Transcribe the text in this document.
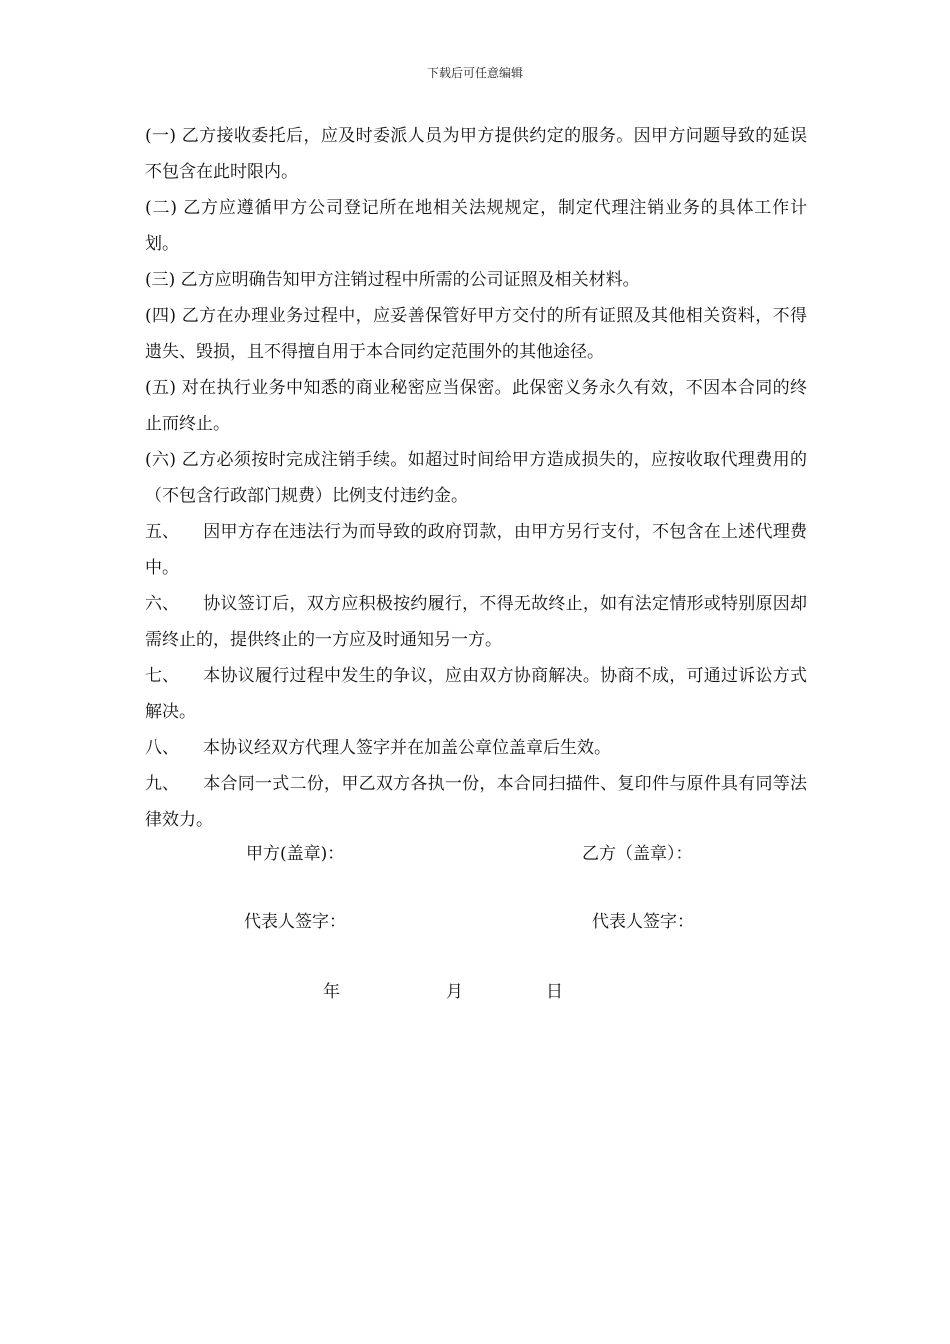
下载后可任意编辑

(一) 乙方接收委托后，应及时委派人员为甲方提供约定的服务。因甲方问题导致的延误不包含在此时限内。

(二) 乙方应遵循甲方公司登记所在地相关法规规定，制定代理注销业务的具体工作计划。

(三) 乙方应明确告知甲方注销过程中所需的公司证照及相关材料。

(四) 乙方在办理业务过程中，应妥善保管好甲方交付的所有证照及其他相关资料，不得遗失、毁损，且不得擅自用于本合同约定范围外的其他途径。

(五) 对在执行业务中知悉的商业秘密应当保密。此保密义务永久有效，不因本合同的终止而终止。

(六) 乙方必须按时完成注销手续。如超过时间给甲方造成损失的，应按收取代理费用的（不包含行政部门规费）比例支付违约金。

五、 因甲方存在违法行为而导致的政府罚款，由甲方另行支付，不包含在上述代理费中。

六、 协议签订后，双方应积极按约履行，不得无故终止，如有法定情形或特别原因却需终止的，提供终止的一方应及时通知另一方。

七、 本协议履行过程中发生的争议，应由双方协商解决。协商不成，可通过诉讼方式解决。

八、 本协议经双方代理人签字并在加盖公章位盖章后生效。

九、 本合同一式二份，甲乙双方各执一份，本合同扫描件、复印件与原件具有同等法律效力。

甲方(盖章)：	乙方（盖章）：
代表人签字：	代表人签字：
年	月	日
